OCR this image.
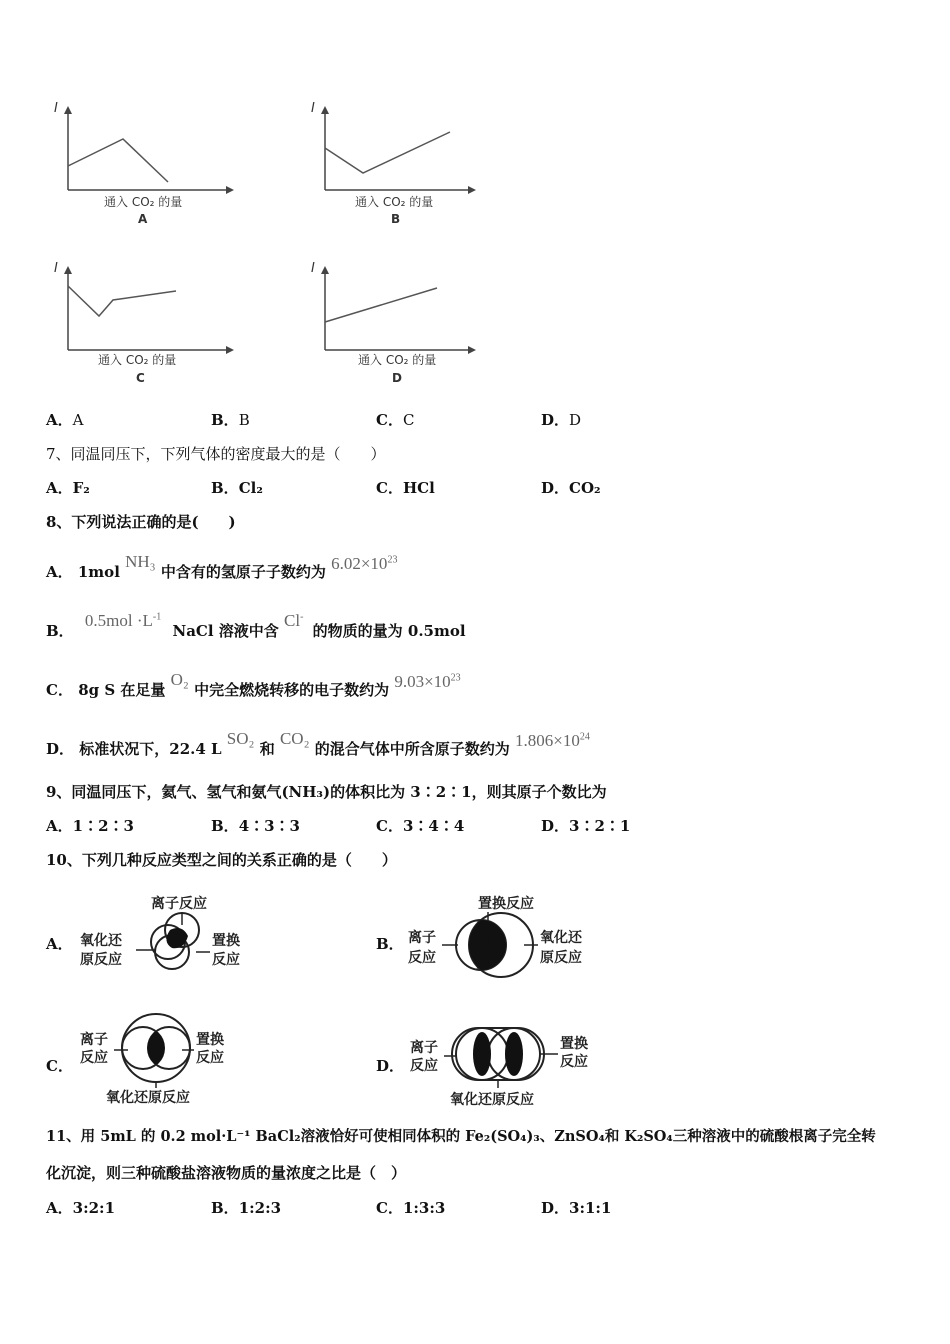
I
通入 CO₂ 的量
A
I
通入 CO₂ 的量
B
I
通入 CO₂ 的量
C
I
通入 CO₂ 的量
D
A．A	B．B	C．C	D．D
7、同温同压下，下列气体的密度最大的是（　　）
A．F₂	B．Cl₂	C．HCl	D．CO₂
8、下列说法正确的是(　　)
A． 1mol NH₃ 中含有的氢原子子数约为 $6.02\times 10^{23}$
B． $0.5mol \cdot L^{-1}$ NaCl 溶液中含 Cl- 的物质的量为 0.5mol
C． 8g S 在足量 O₂ 中完全燃烧转移的电子数约为 $9.03\times 10^{23}$
D． 标准状况下，22.4 L SO₂ 和 CO₂ 的混合气体中所含原子数约为 $1.806\times 10^{24}$
9、同温同压下，氦气、氢气和氨气(NH₃)的体积比为 3∶2∶1，则其原子个数比为
A．1∶2∶3	B．4∶3∶3	C．3∶4∶4	D．3∶2∶1
10、下列几种反应类型之间的关系正确的是（　　）
A．
离子反应
氧化还
原反应
置换
反应
B．
置换反应
离子
反应
氧化还
原反应
C．
离子
反应
置换
反应
氧化还原反应
D．
离子
反应
置换
反应
氧化还原反应
11、用 5mL 的 0.2 mol·L⁻¹ BaCl₂溶液恰好可使相同体积的 Fe₂(SO₄)₃、ZnSO₄和 K₂SO₄三种溶液中的硫酸根离子完全转
化沉淀，则三种硫酸盐溶液物质的量浓度之比是（　）
A．3:2:1	B．1:2:3	C．1:3:3	D．3:1:1
